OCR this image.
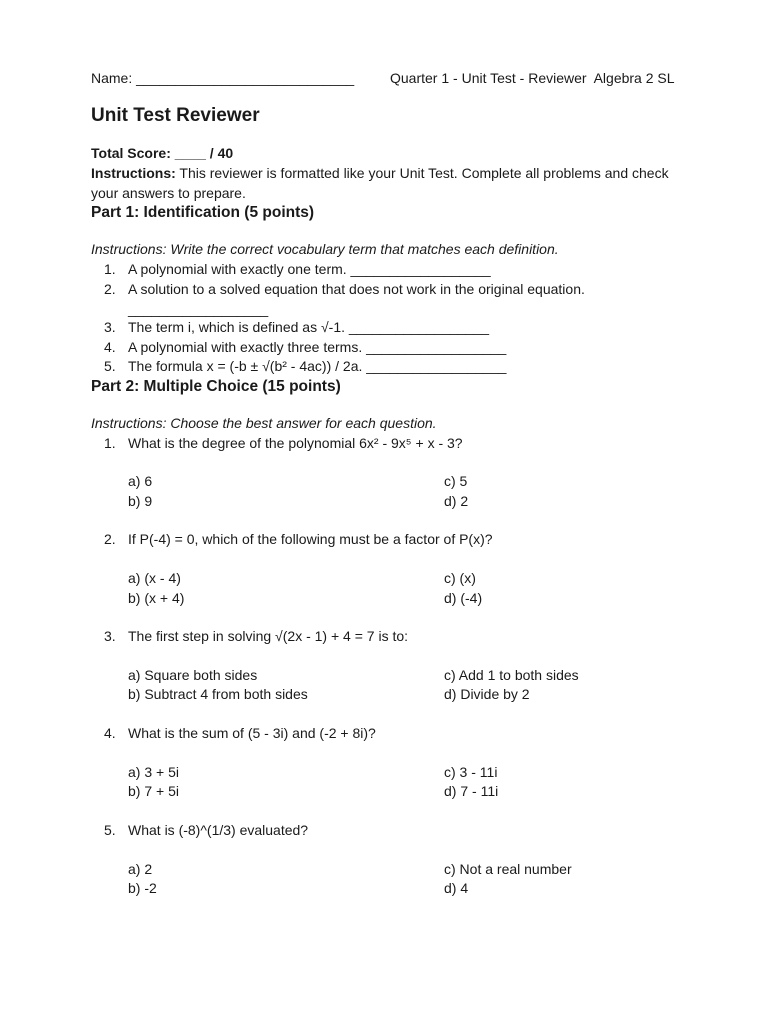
Name: ____________________________	Quarter 1 - Unit Test - Reviewer  Algebra 2 SL
Unit Test Reviewer
Total Score: ____ / 40
Instructions: This reviewer is formatted like your Unit Test. Complete all problems and check your answers to prepare.
Part 1: Identification (5 points)
Instructions: Write the correct vocabulary term that matches each definition.
1. A polynomial with exactly one term. __________________
2. A solution to a solved equation that does not work in the original equation.
__________________
3. The term i, which is defined as √-1. __________________
4. A polynomial with exactly three terms. __________________
5. The formula x = (-b ± √(b² - 4ac)) / 2a. __________________
Part 2: Multiple Choice (15 points)
Instructions: Choose the best answer for each question.
1. What is the degree of the polynomial 6x² - 9x⁵ + x - 3?
a) 6
b) 9
c) 5
d) 2
2. If P(-4) = 0, which of the following must be a factor of P(x)?
a) (x - 4)
b) (x + 4)
c) (x)
d) (-4)
3. The first step in solving √(2x - 1) + 4 = 7 is to:
a) Square both sides
b) Subtract 4 from both sides
c) Add 1 to both sides
d) Divide by 2
4. What is the sum of (5 - 3i) and (-2 + 8i)?
a) 3 + 5i
b) 7 + 5i
c) 3 - 11i
d) 7 - 11i
5. What is (-8)^(1/3) evaluated?
a) 2
b) -2
c) Not a real number
d) 4
